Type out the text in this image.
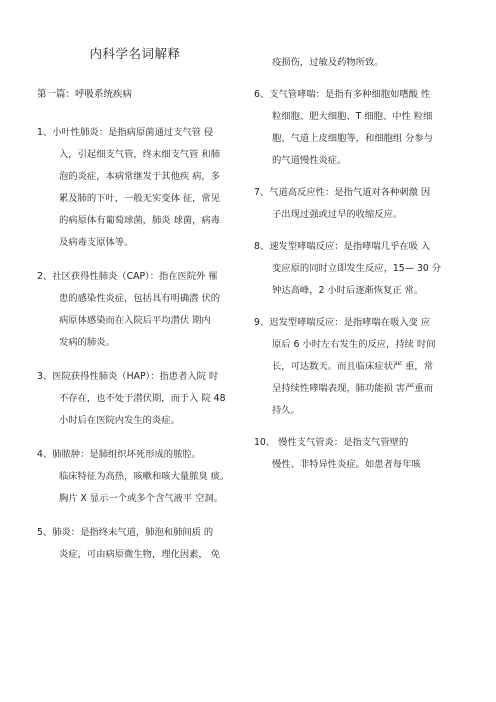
内科学名词解释
第一篇：呼吸系统疾病
1、小叶性肺炎：是指病原菌通过支气管 侵
入，引起细支气管，终末细支气管 和肺
泡的炎症，本病常继发于其他疾 病，多
累及肺的下叶，一般无实变体 征，常见
的病原体有葡萄球菌，肺炎 球菌，病毒
及病毒支原体等。
2、社区获得性肺炎（CAP）：指在医院外 罹
患的感染性炎症，包括具有明确潜 伏的
病原体感染而在入院后平均潜伏 期内
发病的肺炎。
3、医院获得性肺炎（HAP）：指患者入院 时
不存在，也不处于潜伏期，而于入 院 48
小时后在医院内发生的炎症。
4、肺脓肿：是肺组织坏死形成的脓腔。
临床特征为高热，咳嗽和咳大量脓臭 痰。
胸片 X 显示一个或多个含气液平 空洞。
5、肺炎：是指终末气道，肺泡和肺间质 的
炎症，可由病原微生物，理化因素， 免
疫损伤，过敏及药物所致。
6、支气管哮喘：是指有多种细胞如嗜酸 性
粒细胞、肥大细胞、T 细胞、中性 粒细
胞、气道上皮细胞等，和细胞组 分参与
的气道慢性炎症。
7、气道高反应性：是指气道对各种刺激 因
子出现过强或过早的收缩反应。
8、速发型哮喘反应：是指哮喘几乎在吸 入
变应原的同时立即发生反应，15— 30 分
钟达高峰，2 小时后逐渐恢复正 常。
9、迟发型哮喘反应：是指哮喘在吸入变 应
原后 6 小时左右发生的反应，持续 时间
长，可达数天。而且临床症状严 重，常
呈持续性哮喘表现，肺功能损 害严重而
持久。
10、 慢性支气管炎：是指支气管壁的
慢性、非特异性炎症。如患者每年咳
